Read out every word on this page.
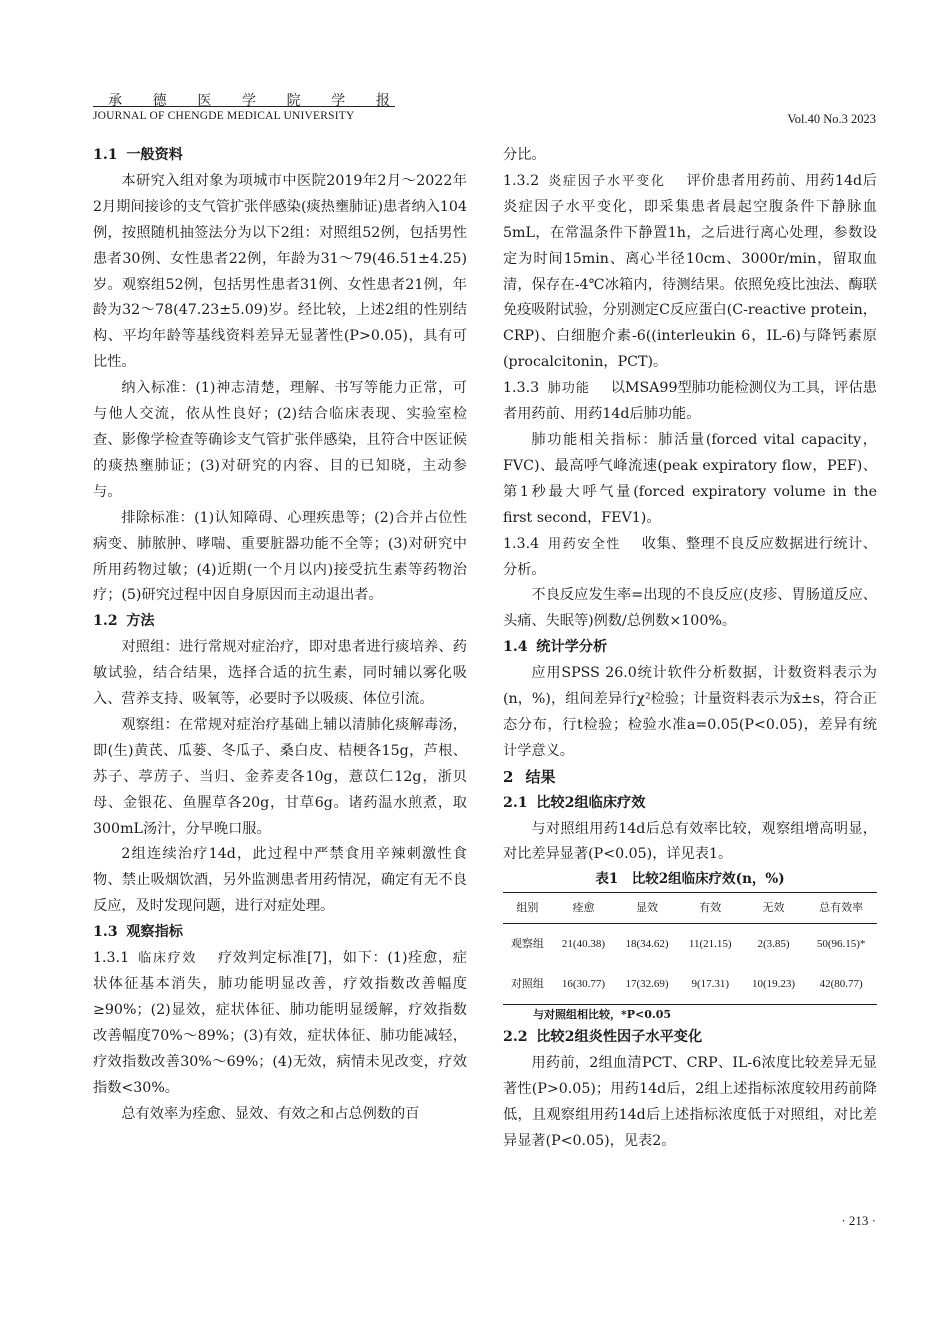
承 德 医 学 院 学 报
JOURNAL OF CHENGDE MEDICAL UNIVERSITY	Vol.40 No.3 2023

1.1 一般资料

本研究入组对象为项城市中医院2019年2月～2022年2月期间接诊的支气管扩张伴感染(痰热壅肺证)患者纳入104例，按照随机抽签法分为以下2组：对照组52例，包括男性患者30例、女性患者22例，年龄为31～79(46.51±4.25)岁。观察组52例，包括男性患者31例、女性患者21例，年龄为32～78(47.23±5.09)岁。经比较，上述2组的性别结构、平均年龄等基线资料差异无显著性(P>0.05)，具有可比性。

纳入标准：(1)神志清楚，理解、书写等能力正常，可与他人交流，依从性良好；(2)结合临床表现、实验室检查、影像学检查等确诊支气管扩张伴感染，且符合中医证候的痰热壅肺证；(3)对研究的内容、目的已知晓，主动参与。

排除标准：(1)认知障碍、心理疾患等；(2)合并占位性病变、肺脓肿、哮喘、重要脏器功能不全等；(3)对研究中所用药物过敏；(4)近期(一个月以内)接受抗生素等药物治疗；(5)研究过程中因自身原因而主动退出者。

1.2 方法

对照组：进行常规对症治疗，即对患者进行痰培养、药敏试验，结合结果，选择合适的抗生素，同时辅以雾化吸入、营养支持、吸氧等，必要时予以吸痰、体位引流。

观察组：在常规对症治疗基础上辅以清肺化痰解毒汤，即(生)黄芪、瓜蒌、冬瓜子、桑白皮、桔梗各15g，芦根、苏子、葶苈子、当归、金荞麦各10g，薏苡仁12g，浙贝母、金银花、鱼腥草各20g，甘草6g。诸药温水煎煮，取300mL汤汁，分早晚口服。

2组连续治疗14d，此过程中严禁食用辛辣刺激性食物、禁止吸烟饮酒，另外监测患者用药情况，确定有无不良反应，及时发现问题，进行对症处理。

1.3 观察指标

1.3.1 临床疗效 疗效判定标准[7]，如下：(1)痊愈，症状体征基本消失，肺功能明显改善，疗效指数改善幅度≥90%；(2)显效，症状体征、肺功能明显缓解，疗效指数改善幅度70%～89%；(3)有效，症状体征、肺功能减轻，疗效指数改善30%～69%；(4)无效，病情未见改变，疗效指数<30%。

总有效率为痊愈、显效、有效之和占总例数的百

分比。

1.3.2 炎症因子水平变化 评价患者用药前、用药14d后炎症因子水平变化，即采集患者晨起空腹条件下静脉血5mL，在常温条件下静置1h，之后进行离心处理，参数设定为时间15min、离心半径10cm、3000r/min，留取血清，保存在-4℃冰箱内，待测结果。依照免疫比浊法、酶联免疫吸附试验，分别测定C反应蛋白(C-reactive protein，CRP)、白细胞介素-6((interleukin 6，IL-6)与降钙素原(procalcitonin，PCT)。

1.3.3 肺功能 以MSA99型肺功能检测仪为工具，评估患者用药前、用药14d后肺功能。

肺功能相关指标：肺活量(forced vital capacity，FVC)、最高呼气峰流速(peak expiratory flow，PEF)、第1秒最大呼气量(forced expiratory volume in the first second，FEV1)。

1.3.4 用药安全性 收集、整理不良反应数据进行统计、分析。

不良反应发生率=出现的不良反应(皮疹、胃肠道反应、头痛、失眠等)例数/总例数×100%。

1.4 统计学分析

应用SPSS 26.0统计软件分析数据，计数资料表示为(n，%)，组间差异行χ²检验；计量资料表示为x̄±s，符合正态分布，行t检验；检验水准a=0.05(P<0.05)，差异有统计学意义。

2 结果

2.1 比较2组临床疗效

与对照组用药14d后总有效率比较，观察组增高明显，对比差异显著(P<0.05)，详见表1。

表1　比较2组临床疗效(n，%)
组别	痊愈	显效	有效	无效	总有效率
观察组	21(40.38)	18(34.62)	11(21.15)	2(3.85)	50(96.15)*
对照组	16(30.77)	17(32.69)	9(17.31)	10(19.23)	42(80.77)
与对照组相比较，*P<0.05

2.2 比较2组炎性因子水平变化

用药前，2组血清PCT、CRP、IL-6浓度比较差异无显著性(P>0.05)；用药14d后，2组上述指标浓度较用药前降低，且观察组用药14d后上述指标浓度低于对照组，对比差异显著(P<0.05)，见表2。

· 213 ·
